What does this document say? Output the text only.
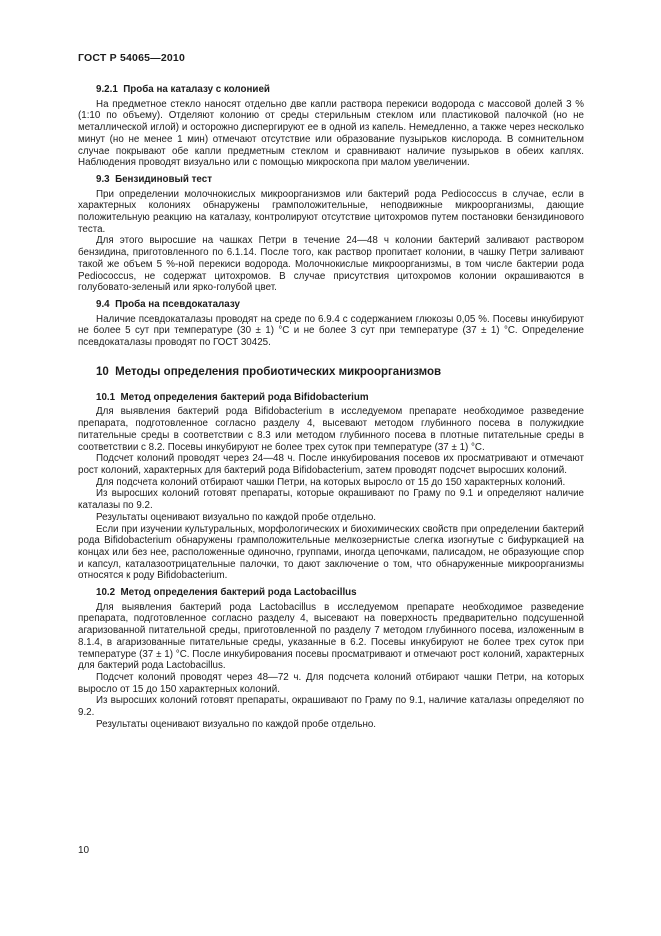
ГОСТ Р 54065—2010

9.2.1  Проба на каталазу с колонией

На предметное стекло наносят отдельно две капли раствора перекиси водорода с массовой долей 3 % (1:10 по объему). Отделяют колонию от среды стерильным стеклом или пластиковой палочкой (но не металлической иглой) и осторожно диспергируют ее в одной из капель. Немедленно, а также через несколько минут (но не менее 1 мин) отмечают отсутствие или образование пузырьков кислорода. В сомнительном случае покрывают обе капли предметным стеклом и сравнивают наличие пузырьков в обеих каплях. Наблюдения проводят визуально или с помощью микроскопа при малом увеличении.

9.3  Бензидиновый тест

При определении молочнокислых микроорганизмов или бактерий рода Pediococcus в случае, если в характерных колониях обнаружены грамположительные, неподвижные микроорганизмы, дающие положительную реакцию на каталазу, контролируют отсутствие цитохромов путем постановки бензидинового теста.

Для этого выросшие на чашках Петри в течение 24—48 ч колонии бактерий заливают раствором бензидина, приготовленного по 6.1.14. После того, как раствор пропитает колонии, в чашку Петри заливают такой же объем 5 %-ной перекиси водорода. Молочнокислые микроорганизмы, в том числе бактерии рода Pediococcus, не содержат цитохромов. В случае присутствия цитохромов колонии окрашиваются в голубовато-зеленый или ярко-голубой цвет.

9.4  Проба на псевдокаталазу

Наличие псевдокаталазы проводят на среде по 6.9.4 с содержанием глюкозы 0,05 %. Посевы инкубируют не более 5 сут при температуре (30 ± 1) °С и не более 3 сут при температуре (37 ± 1) °С. Определение псевдокаталазы проводят по ГОСТ 30425.

10  Методы определения пробиотических микроорганизмов

10.1  Метод определения бактерий рода Bifidobacterium

Для выявления бактерий рода Bifidobacterium в исследуемом препарате необходимое разведение препарата, подготовленное согласно разделу 4, высевают методом глубинного посева в полужидкие питательные среды в соответствии с 8.3 или методом глубинного посева в плотные питательные среды в соответствии с 8.2. Посевы инкубируют не более трех суток при температуре (37 ± 1) °С.

Подсчет колоний проводят через 24—48 ч. После инкубирования посевов их просматривают и отмечают рост колоний, характерных для бактерий рода Bifidobacterium, затем проводят подсчет выросших колоний.

Для подсчета колоний отбирают чашки Петри, на которых выросло от 15 до 150 характерных колоний.

Из выросших колоний готовят препараты, которые окрашивают по Граму по 9.1 и определяют наличие каталазы по 9.2.

Результаты оценивают визуально по каждой пробе отдельно.

Если при изучении культуральных, морфологических и биохимических свойств при определении бактерий рода Bifidobacterium обнаружены грамположительные мелкозернистые слегка изогнутые с бифуркацией на концах или без нее, расположенные одиночно, группами, иногда цепочками, палисадом, не образующие спор и капсул, каталазоотрицательные палочки, то дают заключение о том, что обнаруженные микроорганизмы относятся к роду Bifidobacterium.

10.2  Метод определения бактерий рода Lactobacillus

Для выявления бактерий рода Lactobacillus в исследуемом препарате необходимое разведение препарата, подготовленное согласно разделу 4, высевают на поверхность предварительно подсушенной агаризованной питательной среды, приготовленной по разделу 7 методом глубинного посева, изложенным в 8.1.4, в агаризованные питательные среды, указанные в 6.2. Посевы инкубируют не более трех суток при температуре (37 ± 1) °С. После инкубирования посевы просматривают и отмечают рост колоний, характерных для бактерий рода Lactobacillus.

Подсчет колоний проводят через 48—72 ч. Для подсчета колоний отбирают чашки Петри, на которых выросло от 15 до 150 характерных колоний.

Из выросших колоний готовят препараты, окрашивают по Граму по 9.1, наличие каталазы определяют по 9.2.

Результаты оценивают визуально по каждой пробе отдельно.

10
